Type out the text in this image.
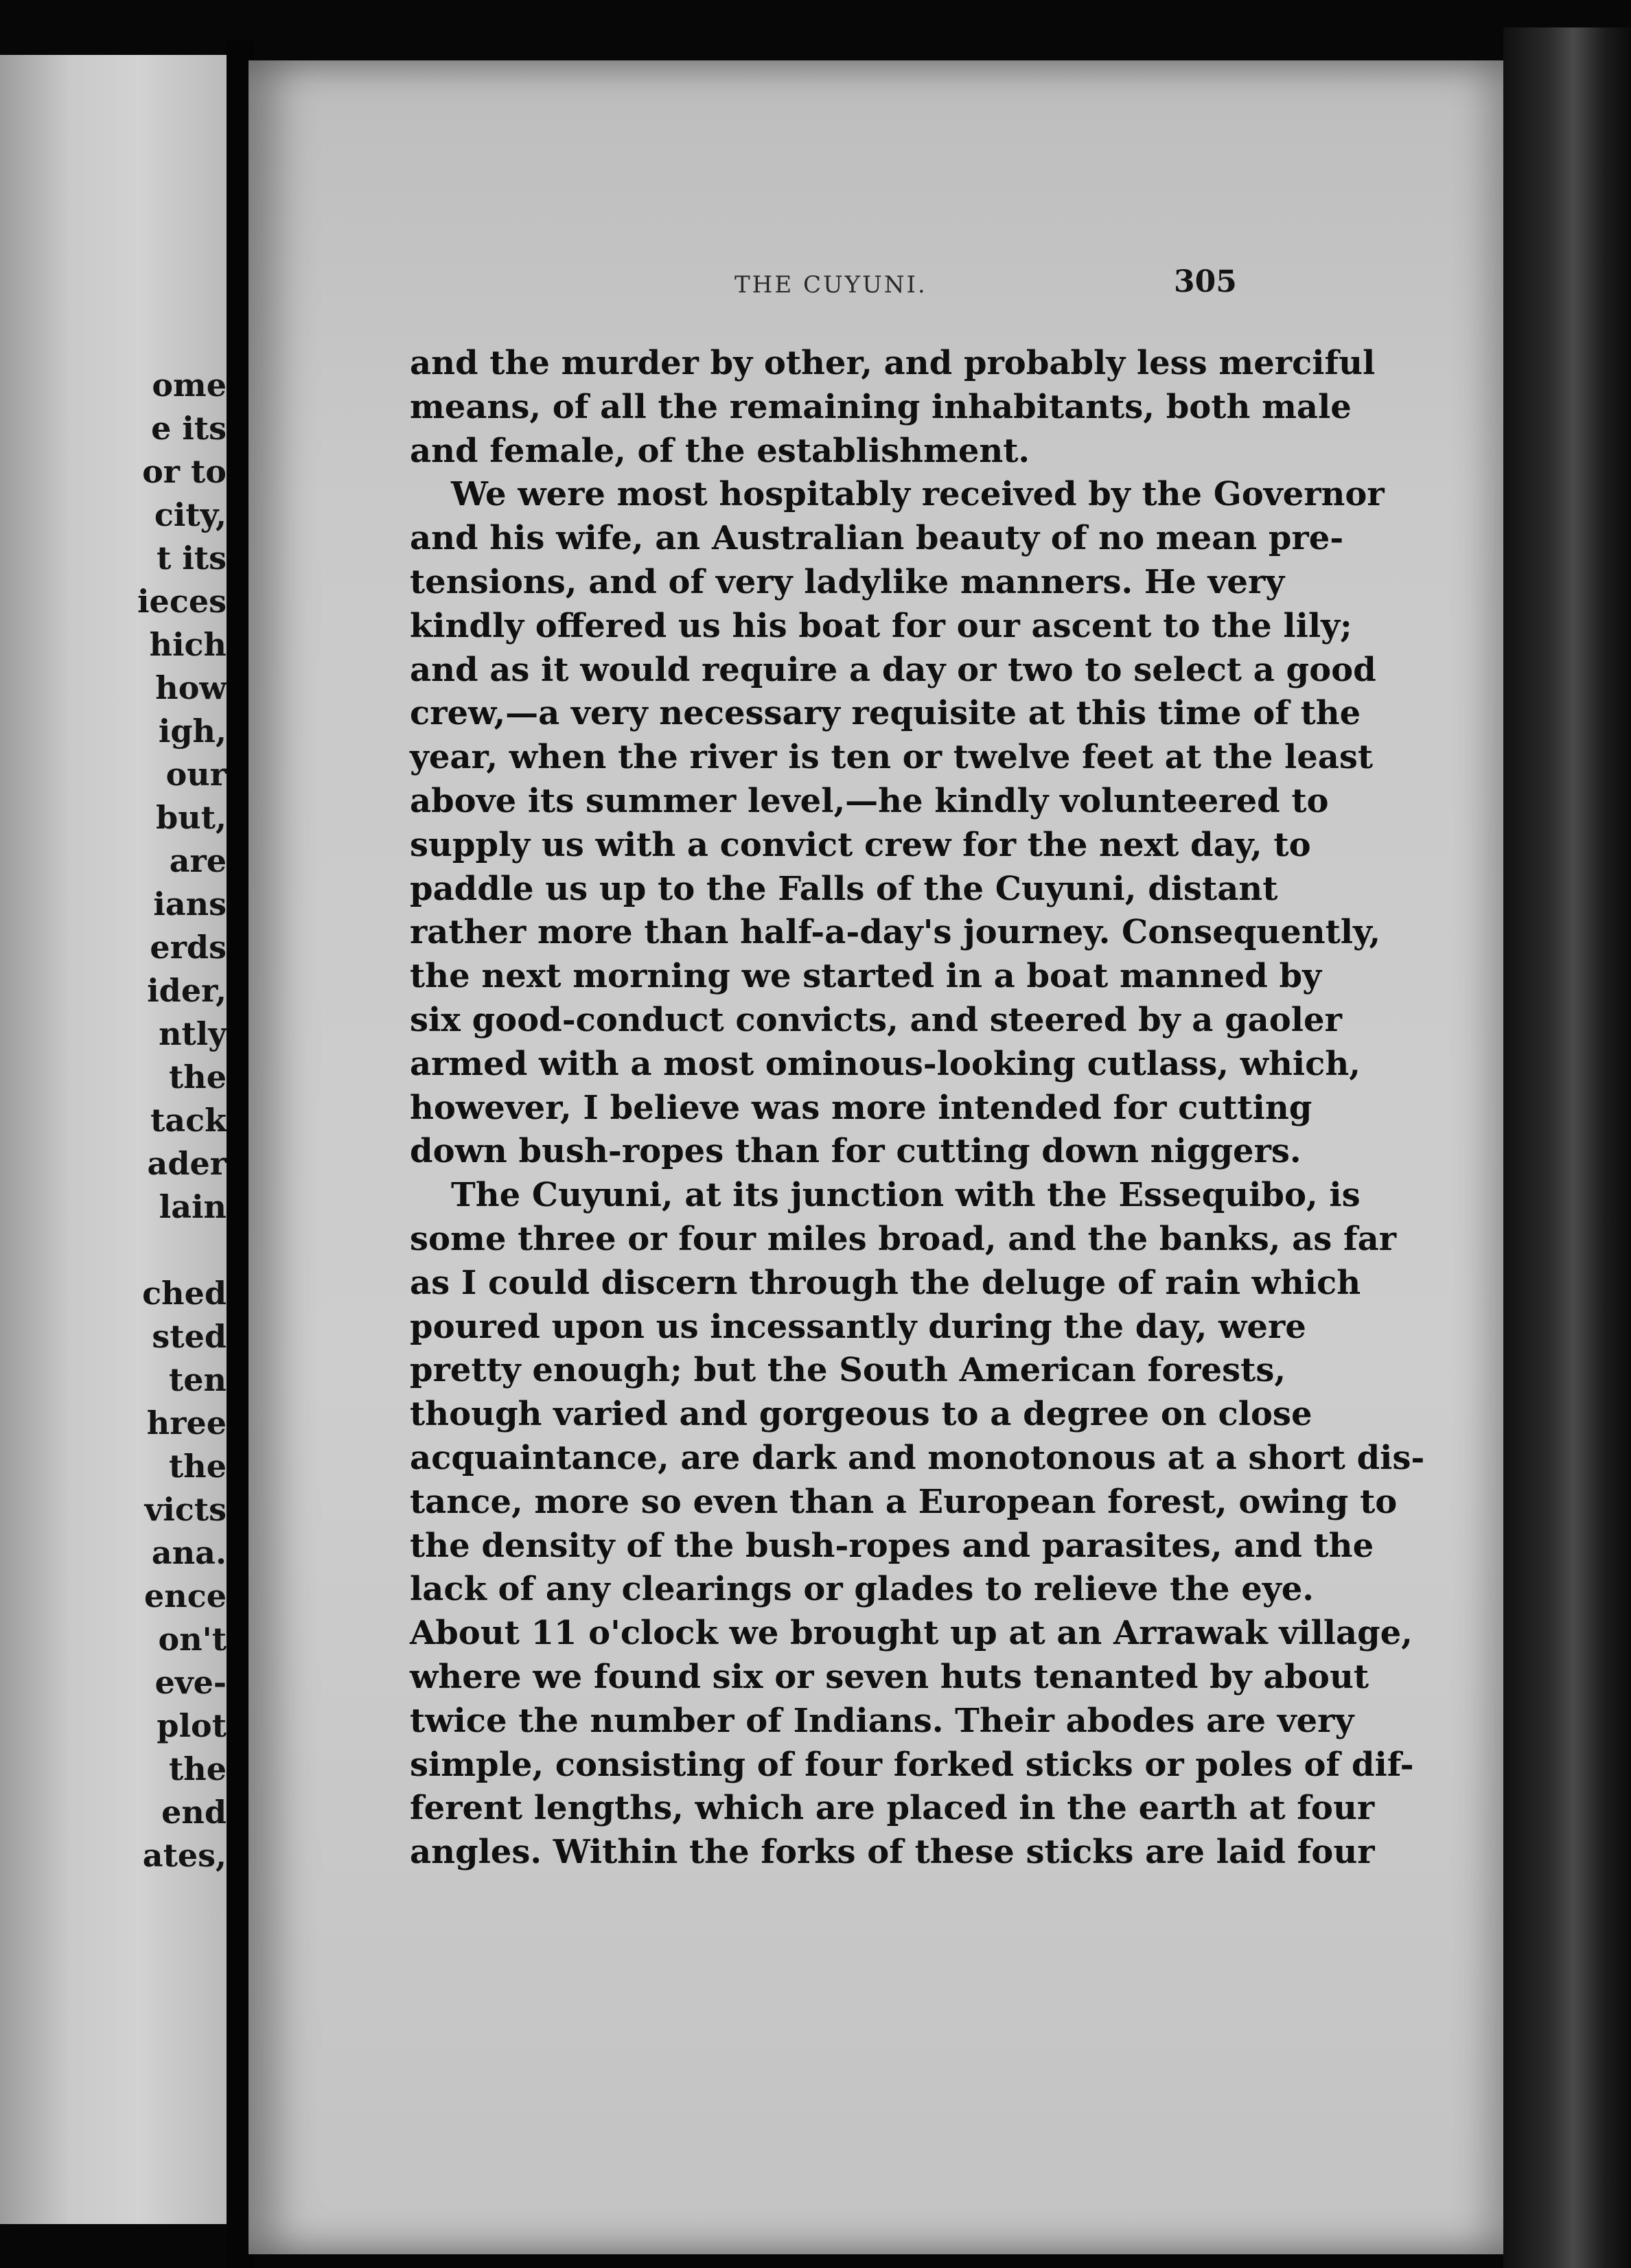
ome
e its
or to
city,
t its
ieces
hich
how
igh,
our
but,
are
ians
erds
ider,
ntly
the
tack
ader
lain
ched
sted
ten
hree
the
victs
ana.
ence
on't
eve-
plot
the
end
ates,
THE CUYUNI.	305
and the murder by other, and probably less merciful
means, of all the remaining inhabitants, both male
and female, of the establishment.
We were most hospitably received by the Governor
and his wife, an Australian beauty of no mean pre-
tensions, and of very ladylike manners. He very
kindly offered us his boat for our ascent to the lily;
and as it would require a day or two to select a good
crew,—a very necessary requisite at this time of the
year, when the river is ten or twelve feet at the least
above its summer level,—he kindly volunteered to
supply us with a convict crew for the next day, to
paddle us up to the Falls of the Cuyuni, distant
rather more than half-a-day's journey. Consequently,
the next morning we started in a boat manned by
six good-conduct convicts, and steered by a gaoler
armed with a most ominous-looking cutlass, which,
however, I believe was more intended for cutting
down bush-ropes than for cutting down niggers.
The Cuyuni, at its junction with the Essequibo, is
some three or four miles broad, and the banks, as far
as I could discern through the deluge of rain which
poured upon us incessantly during the day, were
pretty enough; but the South American forests,
though varied and gorgeous to a degree on close
acquaintance, are dark and monotonous at a short dis-
tance, more so even than a European forest, owing to
the density of the bush-ropes and parasites, and the
lack of any clearings or glades to relieve the eye.
About 11 o'clock we brought up at an Arrawak village,
where we found six or seven huts tenanted by about
twice the number of Indians. Their abodes are very
simple, consisting of four forked sticks or poles of dif-
ferent lengths, which are placed in the earth at four
angles. Within the forks of these sticks are laid four
